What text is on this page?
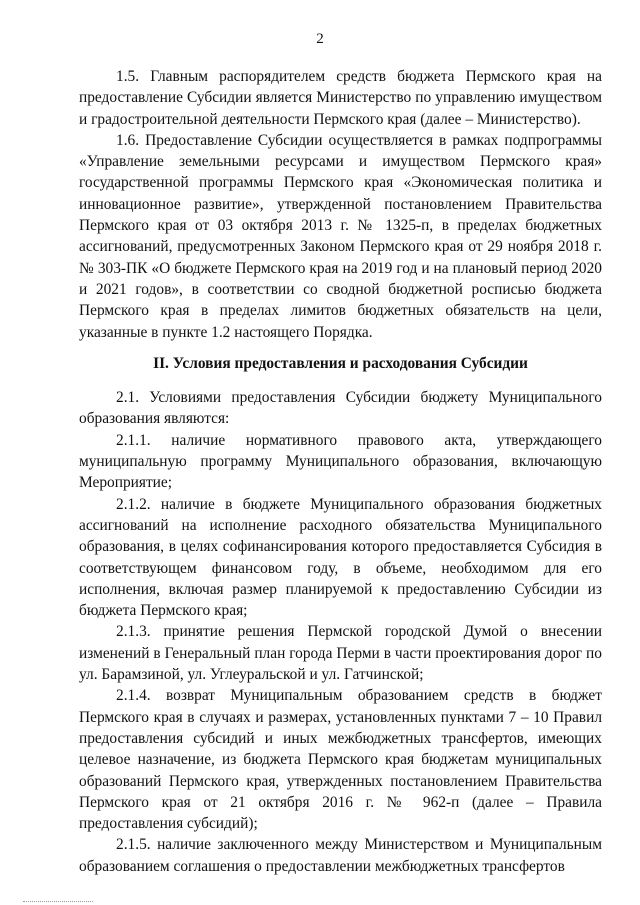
2

1.5. Главным распорядителем средств бюджета Пермского края на предоставление Субсидии является Министерство по управлению имуществом и градостроительной деятельности Пермского края (далее – Министерство).

1.6. Предоставление Субсидии осуществляется в рамках подпрограммы «Управление земельными ресурсами и имуществом Пермского края» государственной программы Пермского края «Экономическая политика и инновационное развитие», утвержденной постановлением Правительства Пермского края от 03 октября 2013 г. № 1325-п, в пределах бюджетных ассигнований, предусмотренных Законом Пермского края от 29 ноября 2018 г. № 303-ПК «О бюджете Пермского края на 2019 год и на плановый период 2020 и 2021 годов», в соответствии со сводной бюджетной росписью бюджета Пермского края в пределах лимитов бюджетных обязательств на цели, указанные в пункте 1.2 настоящего Порядка.

II. Условия предоставления и расходования Субсидии

2.1. Условиями предоставления Субсидии бюджету Муниципального образования являются:

2.1.1. наличие нормативного правового акта, утверждающего муниципальную программу Муниципального образования, включающую Мероприятие;

2.1.2. наличие в бюджете Муниципального образования бюджетных ассигнований на исполнение расходного обязательства Муниципального образования, в целях софинансирования которого предоставляется Субсидия в соответствующем финансовом году, в объеме, необходимом для его исполнения, включая размер планируемой к предоставлению Субсидии из бюджета Пермского края;

2.1.3. принятие решения Пермской городской Думой о внесении изменений в Генеральный план города Перми в части проектирования дорог по ул. Барамзиной, ул. Углеуральской и ул. Гатчинской;

2.1.4. возврат Муниципальным образованием средств в бюджет Пермского края в случаях и размерах, установленных пунктами 7 – 10 Правил предоставления субсидий и иных межбюджетных трансфертов, имеющих целевое назначение, из бюджета Пермского края бюджетам муниципальных образований Пермского края, утвержденных постановлением Правительства Пермского края от 21 октября 2016 г. № 962-п (далее – Правила предоставления субсидий);

2.1.5. наличие заключенного между Министерством и Муниципальным образованием соглашения о предоставлении межбюджетных трансфертов
